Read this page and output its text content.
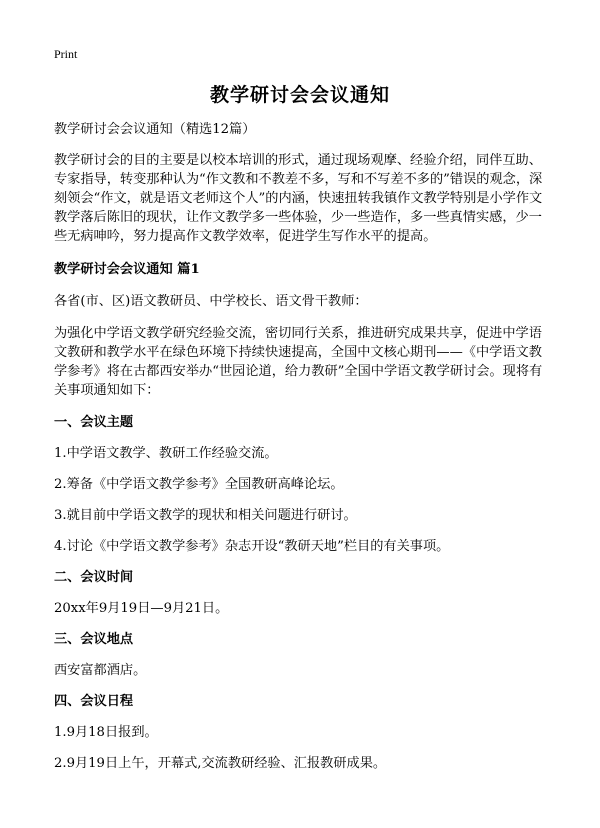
Print
教学研讨会会议通知

教学研讨会会议通知（精选12篇）

教学研讨会的目的主要是以校本培训的形式，通过现场观摩、经验介绍，同伴互助、专家指导，转变那种认为“作文教和不教差不多，写和不写差不多的”错误的观念，深刻领会“作文，就是语文老师这个人”的内涵，快速扭转我镇作文教学特别是小学作文教学落后陈旧的现状，让作文教学多一些体验，少一些造作，多一些真情实感，少一些无病呻吟，努力提高作文教学效率，促进学生写作水平的提高。

教学研讨会会议通知 篇1

各省(市、区)语文教研员、中学校长、语文骨干教师：

为强化中学语文教学研究经验交流，密切同行关系，推进研究成果共享，促进中学语文教研和教学水平在绿色环境下持续快速提高，全国中文核心期刊——《中学语文教学参考》将在古都西安举办“世园论道，给力教研”全国中学语文教学研讨会。现将有关事项通知如下：

一、会议主题

1.中学语文教学、教研工作经验交流。

2.筹备《中学语文教学参考》全国教研高峰论坛。

3.就目前中学语文教学的现状和相关问题进行研讨。

4.讨论《中学语文教学参考》杂志开设“教研天地”栏目的有关事项。

二、会议时间

20xx年9月19日—9月21日。

三、会议地点

西安富都酒店。

四、会议日程

1.9月18日报到。

2.9月19日上午，开幕式,交流教研经验、汇报教研成果。
